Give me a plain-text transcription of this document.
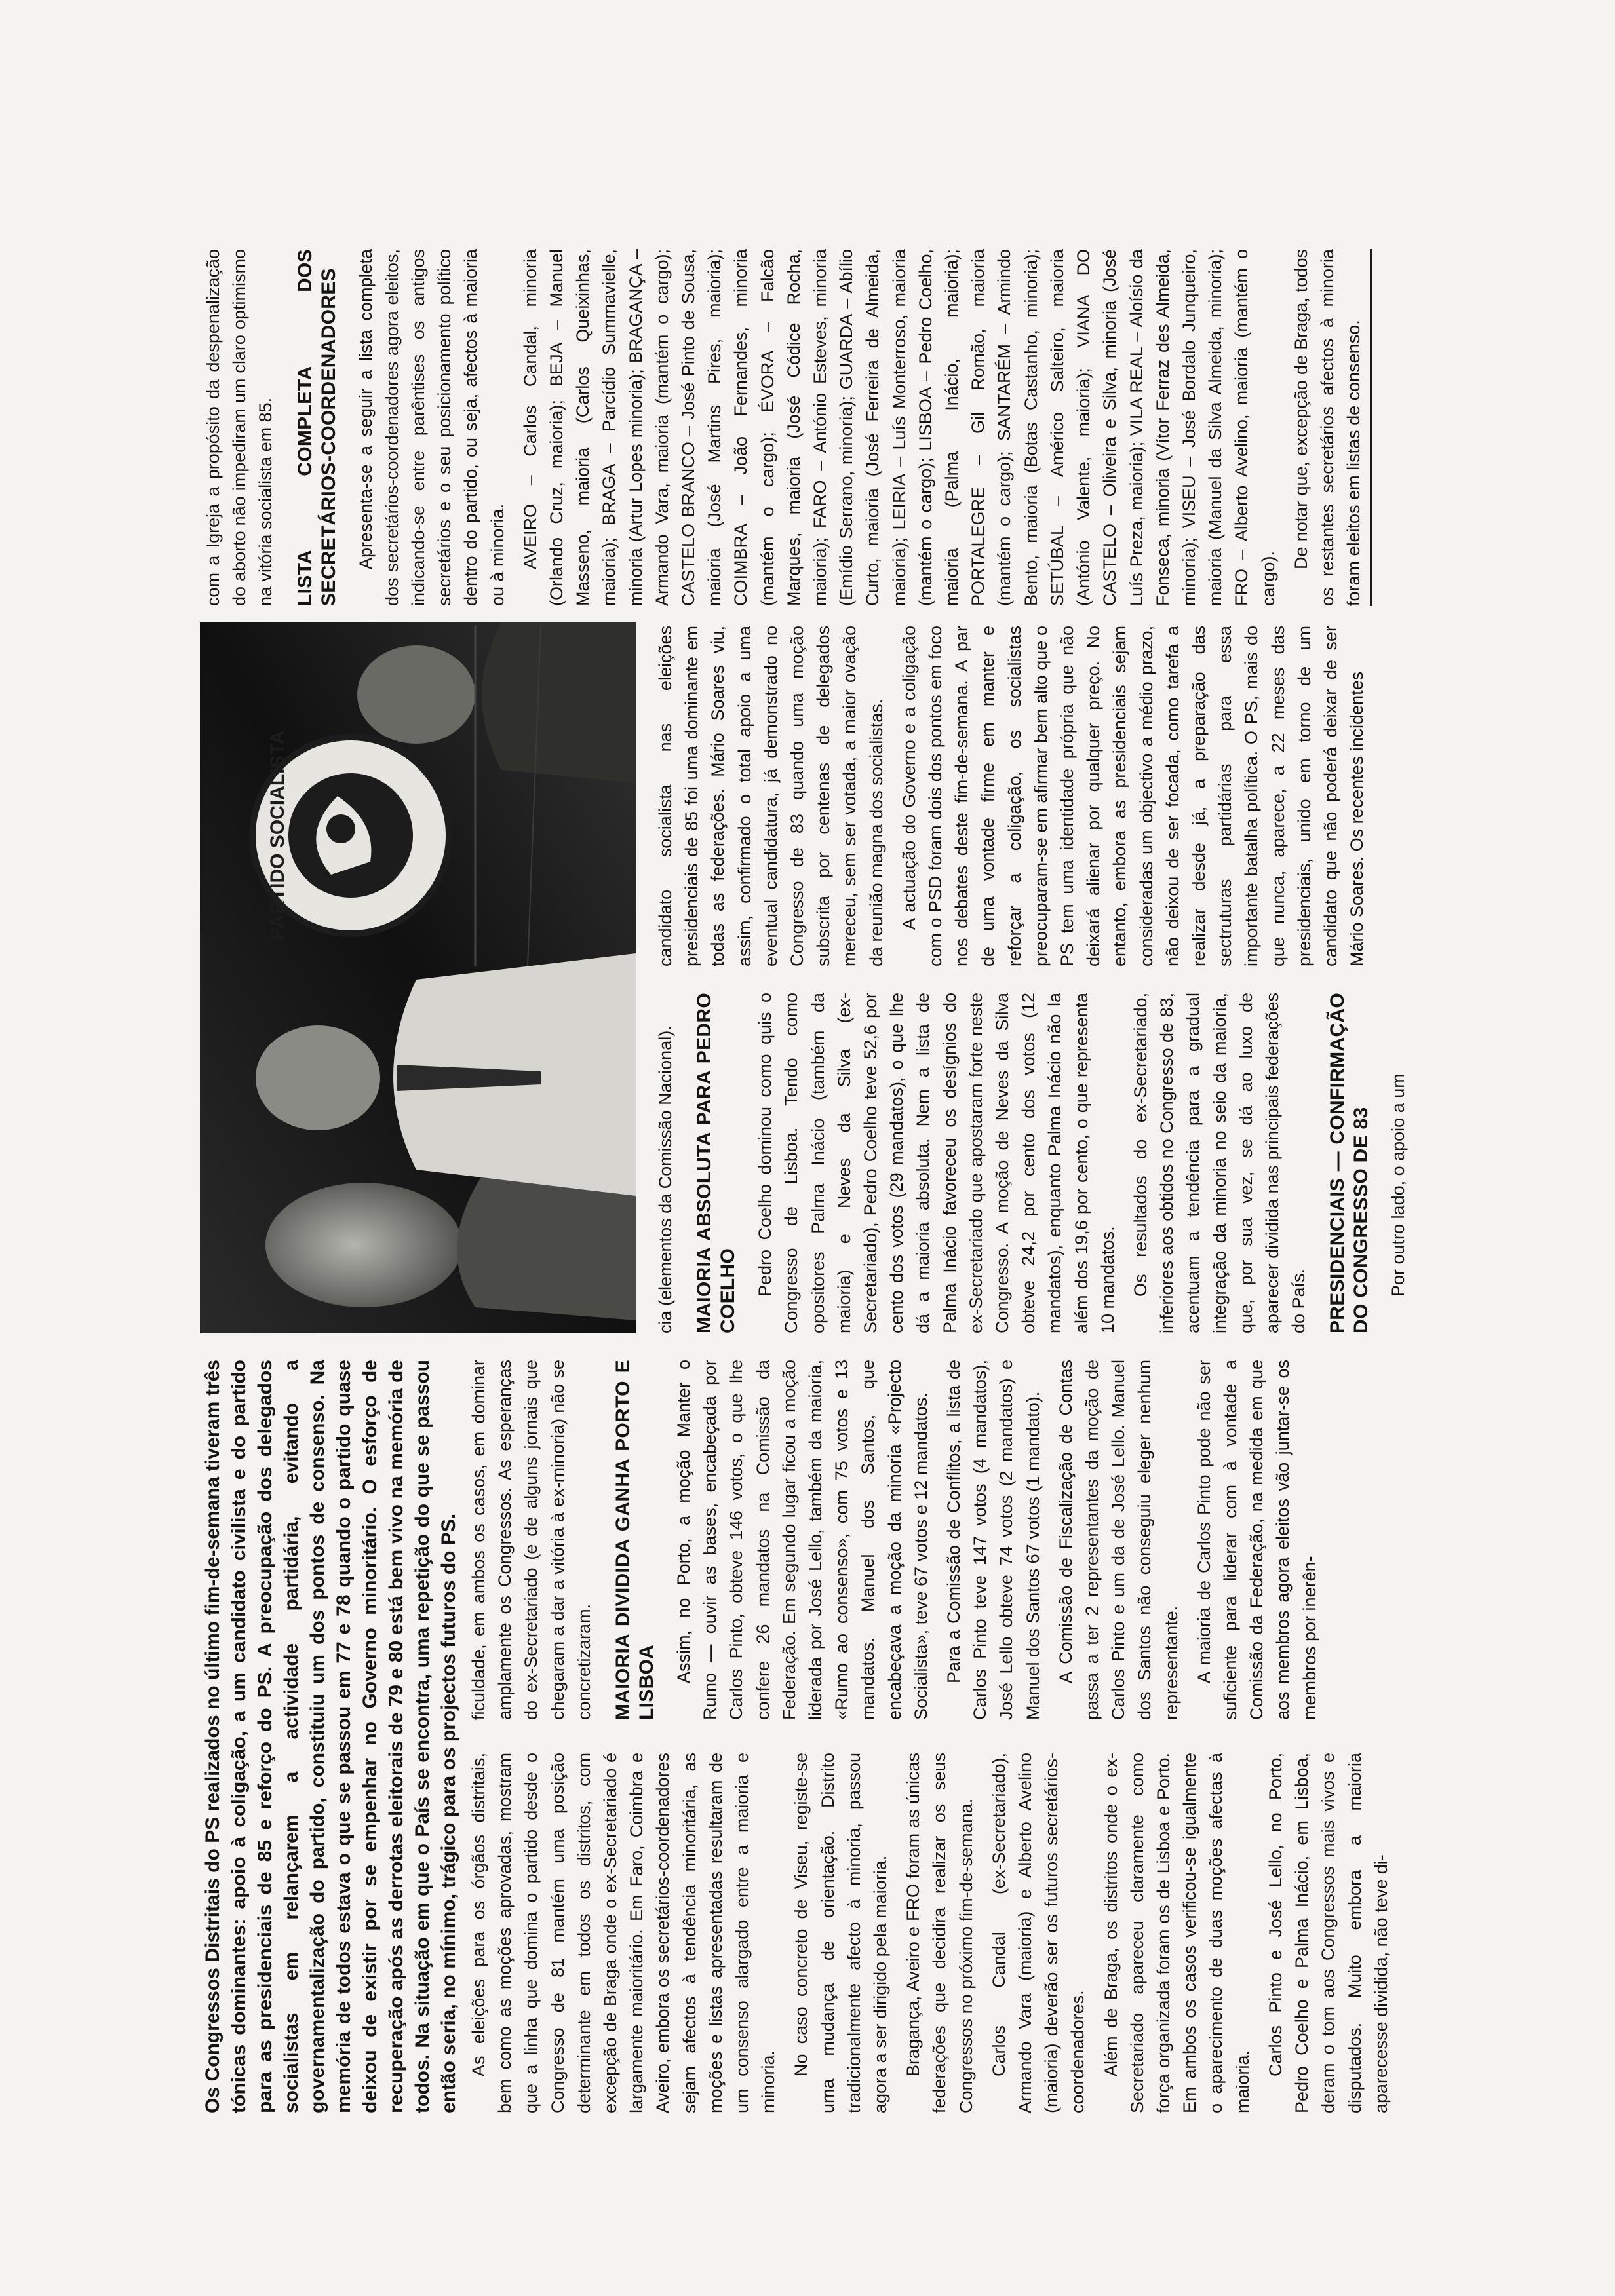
Os Congressos Distritais do PS realizados no último fim-de-semana tiveram três tónicas dominantes: apoio à coligação, a um candidato civilista e do partido para as presidenciais de 85 e reforço do PS. A preocupação dos delegados socialistas em relançarem a actividade partidária, evitando a governamentalização do partido, constituiu um dos pontos de consenso. Na memória de todos estava o que se passou em 77 e 78 quando o partido quase deixou de existir por se empenhar no Governo minoritário. O esforço de recuperação após as derrotas eleitorais de 79 e 80 está bem vivo na memória de todos. Na situação em que o País se encontra, uma repetição do que se passou então seria, no mínimo, trágico para os projectos futuros do PS. As eleições para os órgãos distritais, bem como as moções aprovadas, mostram que a linha que domina o partido desde o Congresso de 81 mantém uma posição determinante em todos os distritos, com excepção de Braga onde o ex-Secretariado é largamente maioritário. Em Faro, Coimbra e Aveiro, embora os secretários-coordenadores sejam afectos à tendência minoritária, as moções e listas apresentadas resultaram de um consenso alargado entre a maioria e minoria.

No caso concreto de Viseu, registe-se uma mudança de orientação. Distrito tradicionalmente afecto à minoria, passou agora a ser dirigido pela maioria. Bragança, Aveiro e FRO foram as únicas federações que decidira realizar os seus Congressos no próximo fim-de-semana. Carlos Candal (ex-Secretariado), Armando Vara (maioria) e Alberto Avelino (maioria) deverão ser os futuros secretários-coordenadores. Além de Braga, os distritos onde o ex-Secretariado apareceu claramente como força organizada foram os de Lisboa e Porto. Em ambos os casos verificou-se igualmente o aparecimento de duas moções afectas à maioria.

Carlos Pinto e José Lello, no Porto, Pedro Coelho e Palma Inácio, em Lisboa, deram o tom aos Congressos mais vivos e disputados. Muito embora a maioria aparecesse dividida, não teve di-

ficuldade, em ambos os casos, em dominar amplamente os Congressos. As esperanças do ex-Secretariado (e de alguns jornais que chegaram a dar a vitória à ex-minoria) não se concretizaram. MAIORIA DIVIDIDA GANHA PORTO E LISBOA Assim, no Porto, a moção Manter o Rumo — ouvir as bases, encabeçada por Carlos Pinto, obteve 146 votos, o que lhe confere 26 mandatos na Comissão da Federação. Em segundo lugar ficou a moção liderada por José Lello, também da maioria, «Rumo ao consenso», com 75 votos e 13 mandatos. Manuel dos Santos, que encabeçava a moção da minoria «Projecto Socialista», teve 67 votos e 12 mandatos. Para a Comissão de Conflitos, a lista de Carlos Pinto teve 147 votos (4 mandatos), José Lello obteve 74 votos (2 mandatos) e Manuel dos Santos 67 votos (1 mandato). A Comissão de Fiscalização de Contas passa a ter 2 representantes da moção de Carlos Pinto e um da de José Lello. Manuel dos Santos não conseguiu eleger nenhum representante. A maioria de Carlos Pinto pode não ser suficiente para liderar com à vontade a Comissão da Federação, na medida em que aos membros agora eleitos vão juntar-se os membros por inerên-

PARTIDO SOCIALISTA

cia (elementos da Comissão Nacional). MAIORIA ABSOLUTA PARA PEDRO COELHO Pedro Coelho dominou como quis o Congresso de Lisboa. Tendo como opositores Palma Inácio (também da maioria) e Neves da Silva (ex-Secretariado), Pedro Coelho teve 52,6 por cento dos votos (29 mandatos), o que lhe dá a maioria absoluta. Nem a lista de Palma Inácio favoreceu os desígnios do ex-Secretariado que apostaram forte neste Congresso. A moção de Neves da Silva obteve 24,2 por cento dos votos (12 mandatos), enquanto Palma Inácio não la além dos 19,6 por cento, o que representa 10 mandatos. Os resultados do ex-Secretariado, inferiores aos obtidos no Congresso de 83, acentuam a tendência para a gradual integração da minoria no seio da maioria, que, por sua vez, se dá ao luxo de aparecer dividida nas principais federações do País. PRESIDENCIAIS — CONFIRMAÇÃO DO CONGRESSO DE 83 Por outro lado, o apoio a um

candidato socialista nas eleições presidenciais de 85 foi uma dominante em todas as federações. Mário Soares viu, assim, confirmado o total apoio a uma eventual candidatura, já demonstrado no Congresso de 83 quando uma moção subscrita por centenas de delegados mereceu, sem ser votada, a maior ovação da reunião magna dos socialistas. A actuação do Governo e a coligação com o PSD foram dois dos pontos em foco nos debates deste fim-de-semana. A par de uma vontade firme em manter e reforçar a coligação, os socialistas preocuparam-se em afirmar bem alto que o PS tem uma identidade própria que não deixará alienar por qualquer preço. No entanto, embora as presidenciais sejam consideradas um objectivo a médio prazo, não deixou de ser focada, como tarefa a realizar desde já, a preparação das sectruturas partidárias para essa importante batalha política. O PS, mais do que nunca, aparece, a 22 meses das presidenciais, unido em torno de um candidato que não poderá deixar de ser Mário Soares. Os recentes incidentes

com a Igreja a propósito da despenalização do aborto não impediram um claro optimismo na vitória socialista em 85. LISTA COMPLETA DOS SECRETÁRIOS-COORDENADORES Apresenta-se a seguir a lista completa dos secretários-coordenadores agora eleitos, indicando-se entre parêntises os antigos secretários e o seu posicionamento político dentro do partido, ou seja, afectos à maioria ou à minoria. AVEIRO – Carlos Candal, minoria (Orlando Cruz, maioria); BEJA – Manuel Masseno, maioria (Carlos Queixinhas, maioria); BRAGA – Parcídio Summavielle, minoria (Artur Lopes minoria); BRAGANÇA – Armando Vara, maioria (mantém o cargo); CASTELO BRANCO – José Pinto de Sousa, maioria (José Martins Pires, maioria); COIMBRA – João Fernandes, minoria (mantém o cargo); ÉVORA – Falcão Marques, maioria (José Códice Rocha, maioria); FARO – António Esteves, minoria (Emídio Serrano, minoria); GUARDA – Abílio Curto, maioria (José Ferreira de Almeida, maioria); LEIRIA – Luís Monterroso, maioria (mantém o cargo); LISBOA – Pedro Coelho, maioria (Palma Inácio, maioria); PORTALEGRE – Gil Romão, maioria (mantém o cargo); SANTARÉM – Armindo Bento, maioria (Botas Castanho, minoria); SETÚBAL – Américo Salteiro, maioria (António Valente, maioria); VIANA DO CASTELO – Oliveira e Silva, minoria (José Luís Preza, maioria); VILA REAL – Aloísio da Fonseca, minoria (Vítor Ferraz des Almeida, minoria); VISEU – José Bordalo Junqueiro, maioria (Manuel da Silva Almeida, minoria); FRO – Alberto Avelino, maioria (mantém o cargo).

De notar que, excepção de Braga, todos os restantes secretários afectos à minoria foram eleitos em listas de consenso.
